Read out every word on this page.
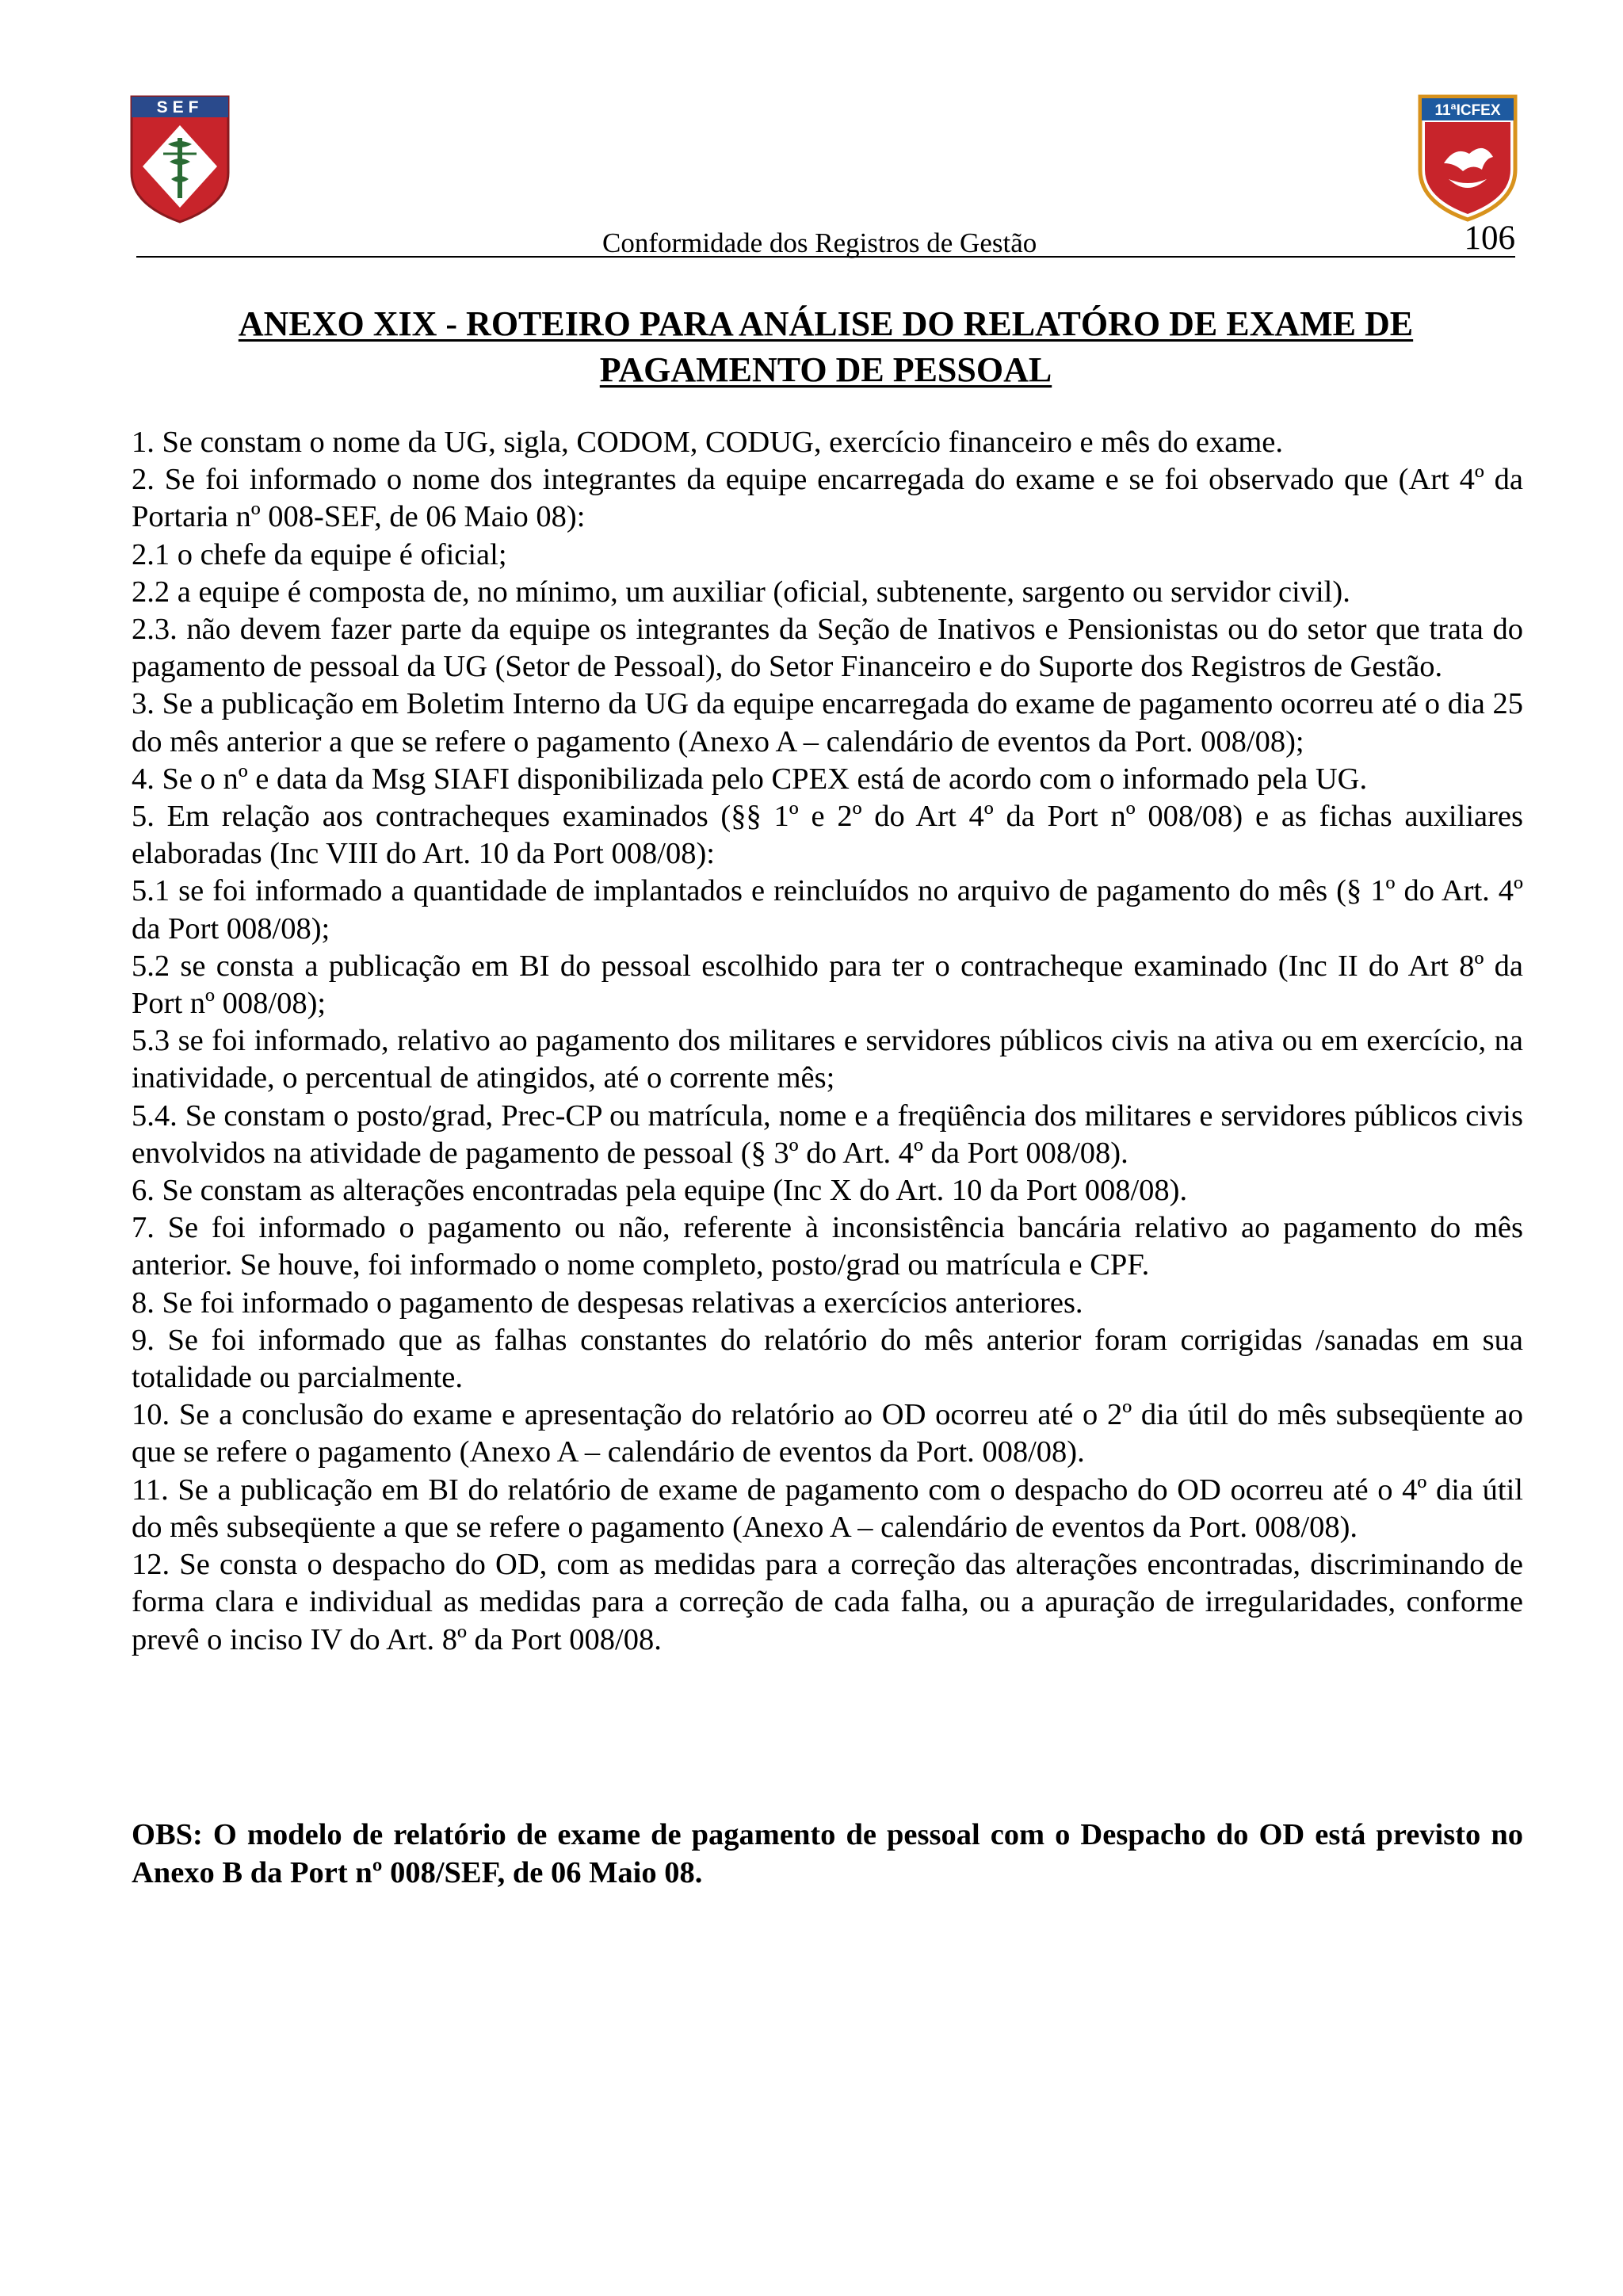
SEF	11ªICFEX
Conformidade dos Registros de Gestão	106
ANEXO XIX - ROTEIRO PARA ANÁLISE DO RELATÓRO DE EXAME DE
PAGAMENTO DE PESSOAL

1. Se constam o nome da UG, sigla, CODOM, CODUG, exercício financeiro e mês do exame.

2. Se foi informado o nome dos integrantes da equipe encarregada do exame e se foi observado que (Art 4º da Portaria nº 008-SEF, de 06 Maio 08):

2.1 o chefe da equipe é oficial;

2.2 a equipe é composta de, no mínimo, um auxiliar (oficial, subtenente, sargento ou servidor civil).

2.3. não devem fazer parte da equipe os integrantes da Seção de Inativos e Pensionistas ou do setor que trata do pagamento de pessoal da UG (Setor de Pessoal), do Setor Financeiro e do Suporte dos Registros de Gestão.

3. Se a publicação em Boletim Interno da UG da equipe encarregada do exame de pagamento ocorreu até o dia 25 do mês anterior a que se refere o pagamento (Anexo A – calendário de eventos da Port. 008/08);

4. Se o nº e data da Msg SIAFI disponibilizada pelo CPEX está de acordo com o informado pela UG.

5. Em relação aos contracheques examinados (§§ 1º e 2º do Art 4º da Port nº 008/08) e as fichas auxiliares elaboradas (Inc VIII do Art. 10 da Port 008/08):

5.1 se foi informado a quantidade de implantados e reincluídos no arquivo de pagamento do mês (§ 1º do Art. 4º da Port 008/08);

5.2 se consta a publicação em BI do pessoal escolhido para ter o contracheque examinado (Inc II do Art 8º da Port nº 008/08);

5.3 se foi informado, relativo ao pagamento dos militares e servidores públicos civis na ativa ou em exercício, na inatividade, o percentual de atingidos, até o corrente mês;

5.4. Se constam o posto/grad, Prec-CP ou matrícula, nome e a freqüência dos militares e servidores públicos civis envolvidos na atividade de pagamento de pessoal (§ 3º do Art. 4º da Port 008/08).

6. Se constam as alterações encontradas pela equipe (Inc X do Art. 10 da Port 008/08).

7. Se foi informado o pagamento ou não, referente à inconsistência bancária relativo ao pagamento do mês anterior. Se houve, foi informado o nome completo, posto/grad ou matrícula e CPF.

8. Se foi informado o pagamento de despesas relativas a exercícios anteriores.

9. Se foi informado que as falhas constantes do relatório do mês anterior foram corrigidas /sanadas em sua totalidade ou parcialmente.

10. Se a conclusão do exame e apresentação do relatório ao OD ocorreu até o 2º dia útil do mês subseqüente ao que se refere o pagamento (Anexo A – calendário de eventos da Port. 008/08).

11. Se a publicação em BI do relatório de exame de pagamento com o despacho do OD ocorreu até o 4º dia útil do mês subseqüente a que se refere o pagamento (Anexo A – calendário de eventos da Port. 008/08).

12. Se consta o despacho do OD, com as medidas para a correção das alterações encontradas, discriminando de forma clara e individual as medidas para a correção de cada falha, ou a apuração de irregularidades, conforme prevê o inciso IV do Art. 8º da Port 008/08.

OBS: O modelo de relatório de exame de pagamento de pessoal com o Despacho do OD está previsto no Anexo B da Port nº 008/SEF, de 06 Maio 08.
